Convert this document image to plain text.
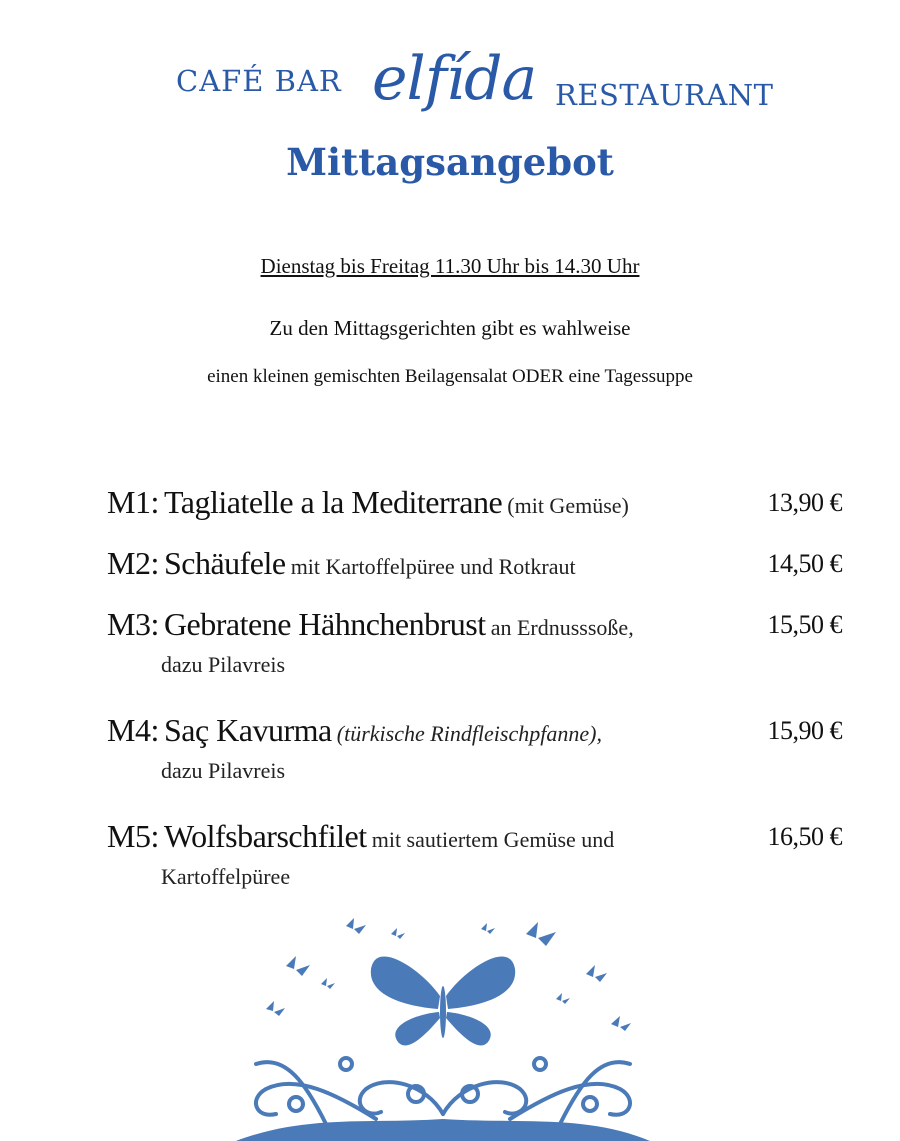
CAFÉ BAR elfída RESTAURANT
Mittagsangebot
Dienstag bis Freitag 11.30 Uhr bis 14.30 Uhr
Zu den Mittagsgerichten gibt es wahlweise
einen kleinen gemischten Beilagensalat ODER eine Tagessuppe
M1: Tagliatelle a la Mediterrane (mit Gemüse)	13,90 €
M2: Schäufele mit Kartoffelpüree und Rotkraut	14,50 €
M3: Gebratene Hähnchenbrust an Erdnusssoße,	15,50 €
dazu Pilavreis
M4: Saç Kavurma (türkische Rindfleischpfanne),	15,90 €
dazu Pilavreis
M5: Wolfsbarschfilet mit sautiertem Gemüse und	16,50 €
Kartoffelpüree
